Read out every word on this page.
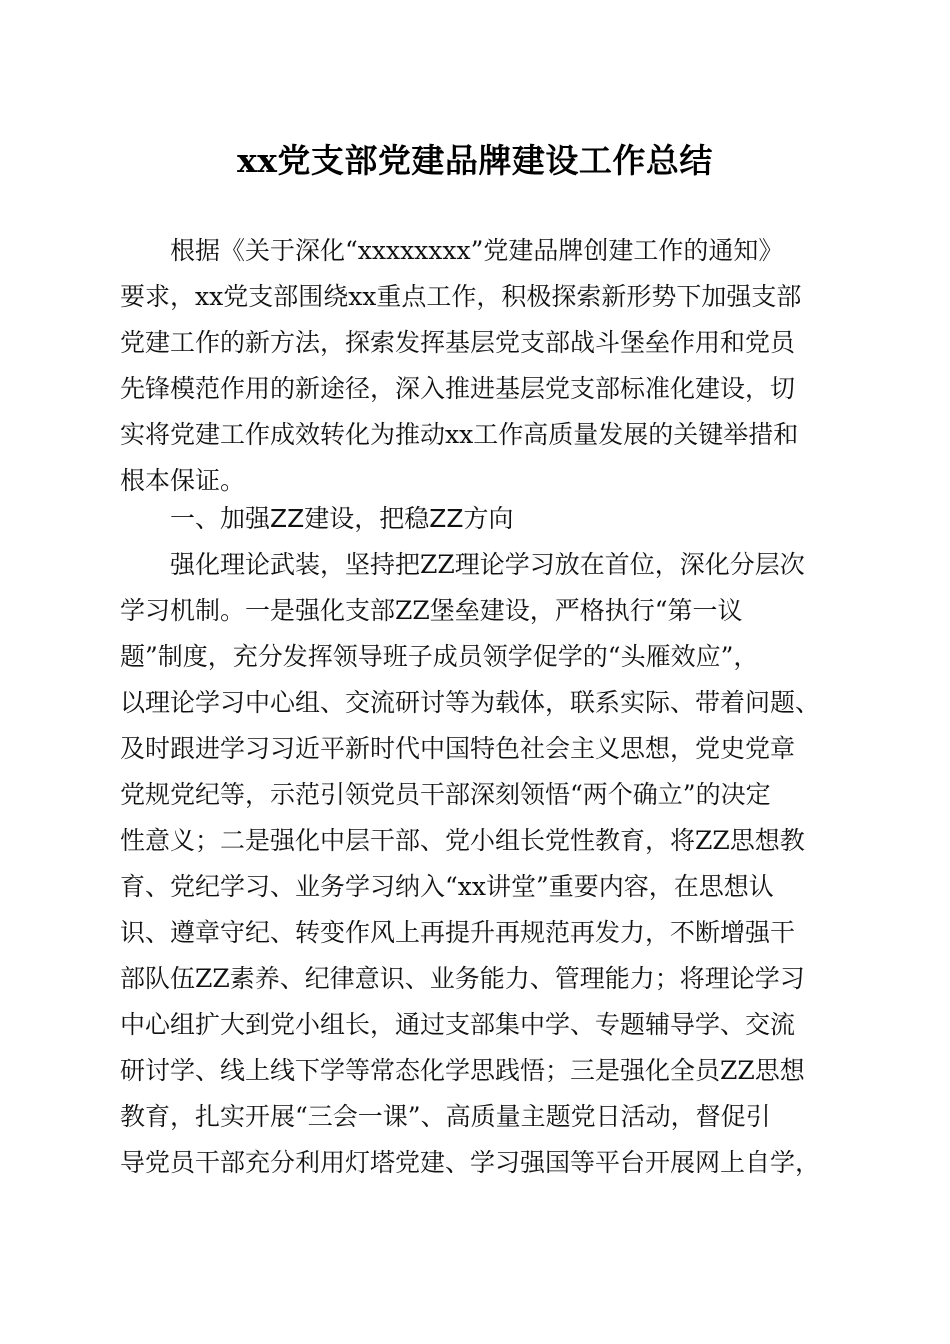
xx党支部党建品牌建设工作总结
根据《关于深化“xxxxxxxx”党建品牌创建工作的通知》
要求，xx党支部围绕xx重点工作，积极探索新形势下加强支部
党建工作的新方法，探索发挥基层党支部战斗堡垒作用和党员
先锋模范作用的新途径，深入推进基层党支部标准化建设，切
实将党建工作成效转化为推动xx工作高质量发展的关键举措和
根本保证。
一、加强ZZ建设，把稳ZZ方向
强化理论武装，坚持把ZZ理论学习放在首位，深化分层次
学习机制。一是强化支部ZZ堡垒建设，严格执行“第一议
题”制度，充分发挥领导班子成员领学促学的“头雁效应”，
以理论学习中心组、交流研讨等为载体，联系实际、带着问题、
及时跟进学习习近平新时代中国特色社会主义思想，党史党章
党规党纪等，示范引领党员干部深刻领悟“两个确立”的决定
性意义；二是强化中层干部、党小组长党性教育，将ZZ思想教
育、党纪学习、业务学习纳入“xx讲堂”重要内容，在思想认
识、遵章守纪、转变作风上再提升再规范再发力，不断增强干
部队伍ZZ素养、纪律意识、业务能力、管理能力；将理论学习
中心组扩大到党小组长，通过支部集中学、专题辅导学、交流
研讨学、线上线下学等常态化学思践悟；三是强化全员ZZ思想
教育，扎实开展“三会一课”、高质量主题党日活动，督促引
导党员干部充分利用灯塔党建、学习强国等平台开展网上自学，
